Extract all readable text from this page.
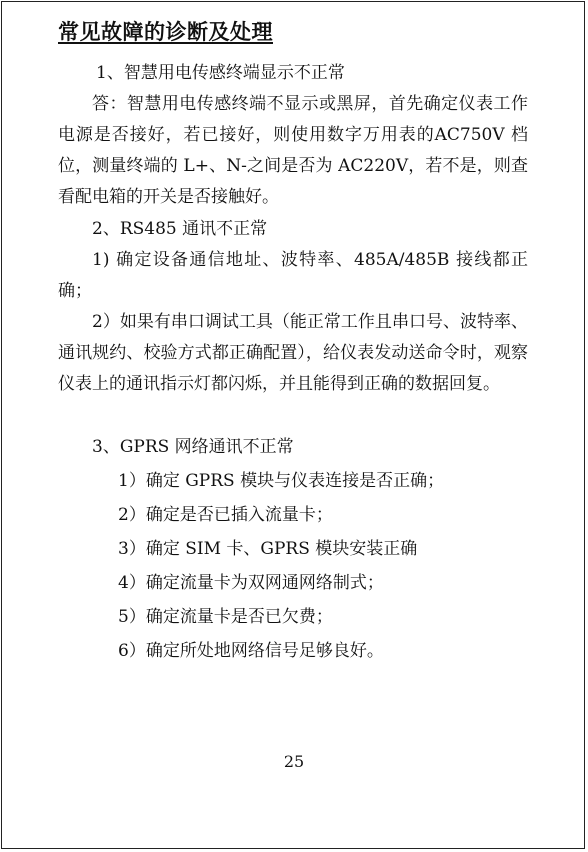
常见故障的诊断及处理

1、智慧用电传感终端显示不正常

答：智慧用电传感终端不显示或黑屏，首先确定仪表工作电源是否接好，若已接好，则使用数字万用表的AC750V 档位，测量终端的 L+、N-之间是否为 AC220V，若不是，则查看配电箱的开关是否接触好。

2、RS485 通讯不正常

1) 确定设备通信地址、波特率、485A/485B 接线都正确；

2）如果有串口调试工具（能正常工作且串口号、波特率、通讯规约、校验方式都正确配置），给仪表发动送命令时，观察仪表上的通讯指示灯都闪烁，并且能得到正确的数据回复。

3、GPRS 网络通讯不正常

1）确定 GPRS 模块与仪表连接是否正确；

2）确定是否已插入流量卡；

3）确定 SIM 卡、GPRS 模块安装正确

4）确定流量卡为双网通网络制式；

5）确定流量卡是否已欠费；

6）确定所处地网络信号足够良好。

25
